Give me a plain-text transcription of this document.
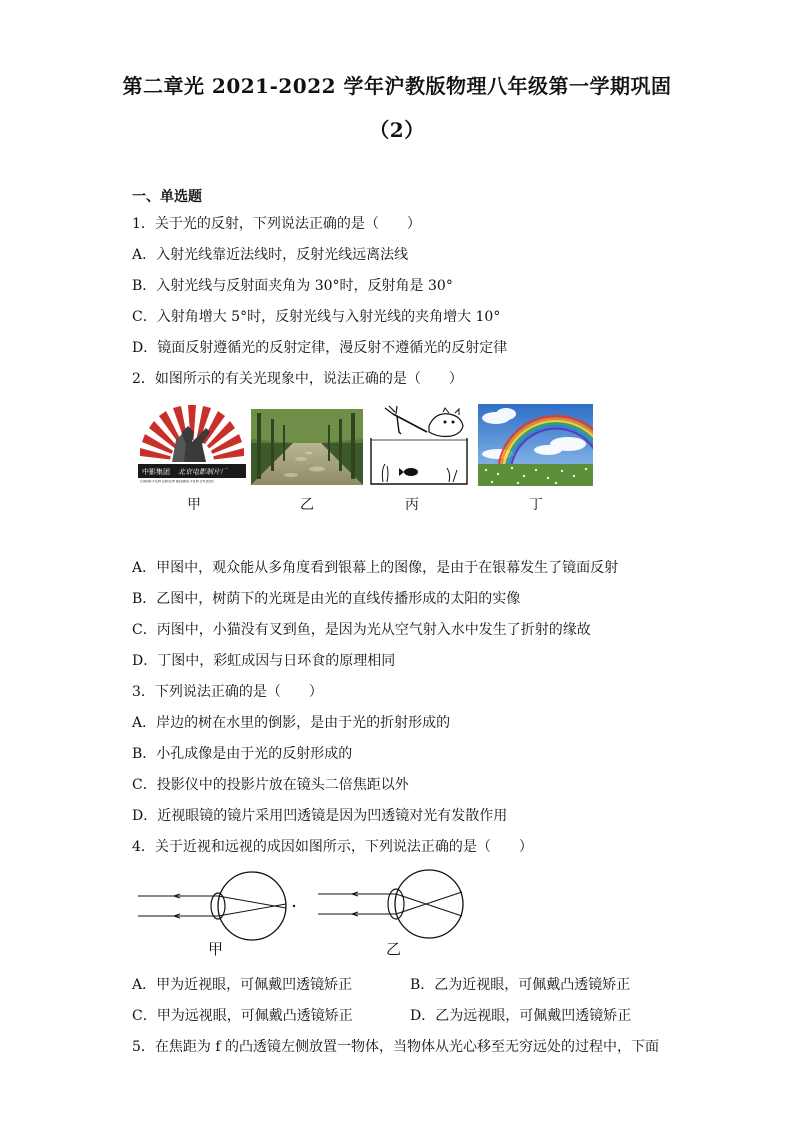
第二章光 2021-2022 学年沪教版物理八年级第一学期巩固
（2）
一、单选题
1．关于光的反射，下列说法正确的是（　　）
A．入射光线靠近法线时，反射光线远离法线
B．入射光线与反射面夹角为 30°时，反射角是 30°
C．入射角增大 5°时，反射光线与入射光线的夹角增大 10°
D．镜面反射遵循光的反射定律，漫反射不遵循光的反射定律
2．如图所示的有关光现象中，说法正确的是（　　）
中影集团 北京电影制片厂
CHINA FILM GROUP BEIJING FILM STUDIO
甲	乙	丙	丁
A．甲图中，观众能从多角度看到银幕上的图像，是由于在银幕发生了镜面反射
B．乙图中，树荫下的光斑是由光的直线传播形成的太阳的实像
C．丙图中，小猫没有叉到鱼，是因为光从空气射入水中发生了折射的缘故
D．丁图中，彩虹成因与日环食的原理相同
3．下列说法正确的是（　　）
A．岸边的树在水里的倒影，是由于光的折射形成的
B．小孔成像是由于光的反射形成的
C．投影仪中的投影片放在镜头二倍焦距以外
D．近视眼镜的镜片采用凹透镜是因为凹透镜对光有发散作用
4．关于近视和远视的成因如图所示，下列说法正确的是（　　）
甲	乙
A．甲为近视眼，可佩戴凹透镜矫正	B．乙为近视眼，可佩戴凸透镜矫正
C．甲为远视眼，可佩戴凸透镜矫正	D．乙为远视眼，可佩戴凹透镜矫正
5．在焦距为 f 的凸透镜左侧放置一物体，当物体从光心移至无穷远处的过程中，下面
